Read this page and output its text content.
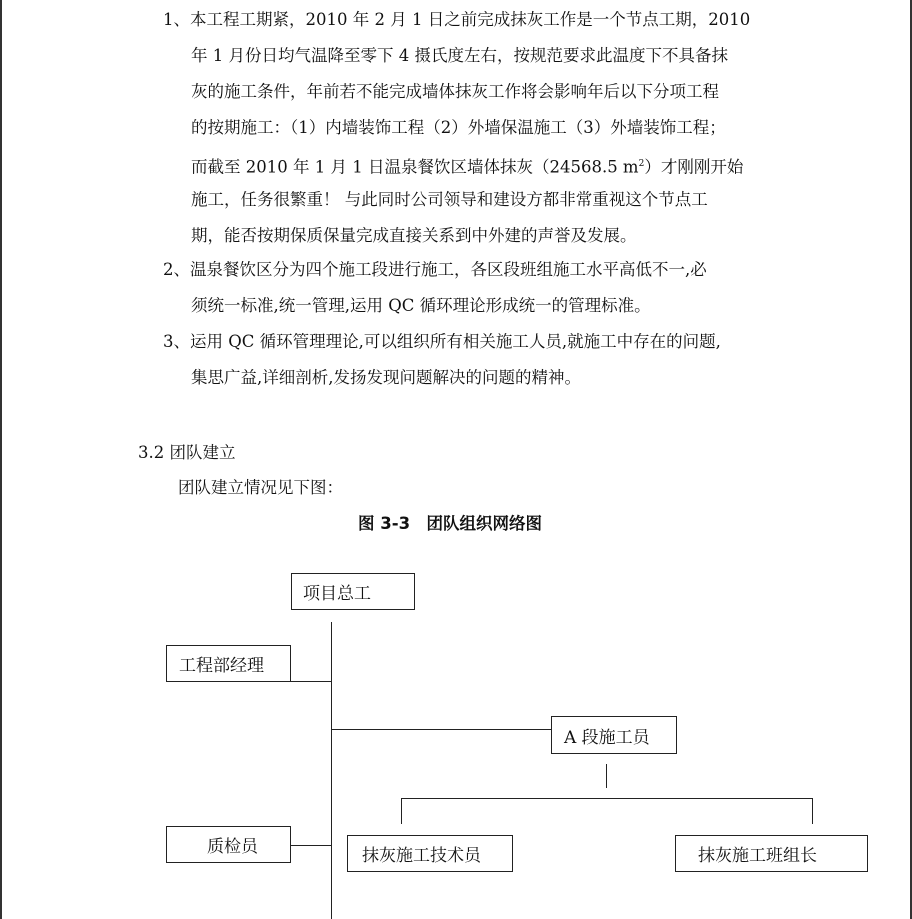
1、本工程工期紧，2010 年 2 月 1 日之前完成抹灰工作是一个节点工期，2010
年 1 月份日均气温降至零下 4 摄氏度左右，按规范要求此温度下不具备抹
灰的施工条件，年前若不能完成墙体抹灰工作将会影响年后以下分项工程
的按期施工：（1）内墙装饰工程（2）外墙保温施工（3）外墙装饰工程；
而截至 2010 年 1 月 1 日温泉餐饮区墙体抹灰（24568.5 $m^2$）才刚刚开始
施工，任务很繁重！ 与此同时公司领导和建设方都非常重视这个节点工
期，能否按期保质保量完成直接关系到中外建的声誉及发展。
2、温泉餐饮区分为四个施工段进行施工，各区段班组施工水平高低不一,必
须统一标准,统一管理,运用 QC 循环理论形成统一的管理标准。
3、运用 QC 循环管理理论,可以组织所有相关施工人员,就施工中存在的问题,
集思广益,详细剖析,发扬发现问题解决的问题的精神。
3.2 团队建立
团队建立情况见下图：
图 3-3　团队组织网络图
项目总工
工程部经理
A 段施工员
质检员	抹灰施工技术员	抹灰施工班组长
